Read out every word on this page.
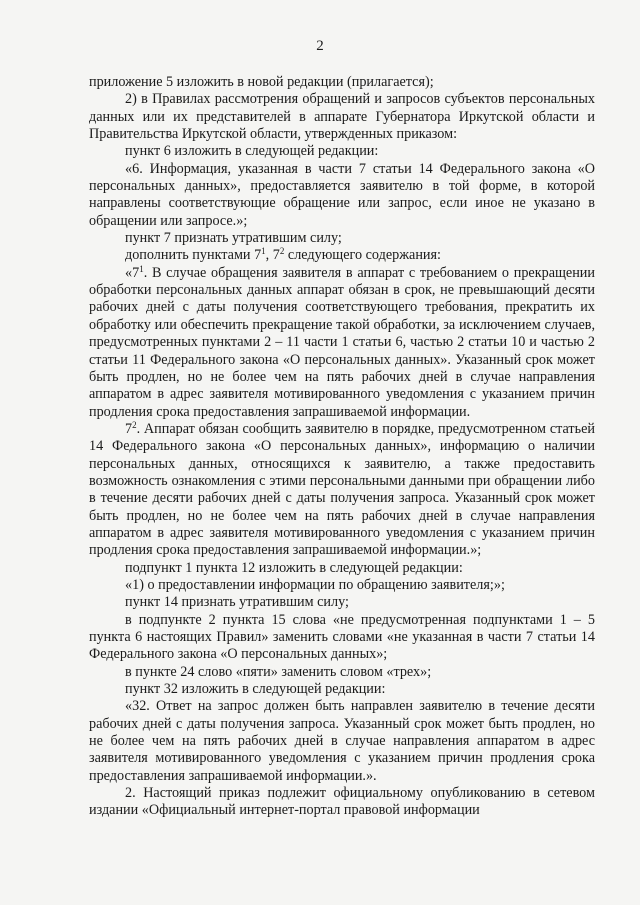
2

приложение 5 изложить в новой редакции (прилагается);

2) в Правилах рассмотрения обращений и запросов субъектов персональных данных или их представителей в аппарате Губернатора Иркутской области и Правительства Иркутской области, утвержденных приказом:

пункт 6 изложить в следующей редакции:

«6. Информация, указанная в части 7 статьи 14 Федерального закона «О персональных данных», предоставляется заявителю в той форме, в которой направлены соответствующие обращение или запрос, если иное не указано в обращении или запросе.»;

пункт 7 признать утратившим силу;

дополнить пунктами $7^1$, $7^2$ следующего содержания:

«$7^1$. В случае обращения заявителя в аппарат с требованием о прекращении обработки персональных данных аппарат обязан в срок, не превышающий десяти рабочих дней с даты получения соответствующего требования, прекратить их обработку или обеспечить прекращение такой обработки, за исключением случаев, предусмотренных пунктами 2 – 11 части 1 статьи 6, частью 2 статьи 10 и частью 2 статьи 11 Федерального закона «О персональных данных». Указанный срок может быть продлен, но не более чем на пять рабочих дней в случае направления аппаратом в адрес заявителя мотивированного уведомления с указанием причин продления срока предоставления запрашиваемой информации.

$7^2$. Аппарат обязан сообщить заявителю в порядке, предусмотренном статьей 14 Федерального закона «О персональных данных», информацию о наличии персональных данных, относящихся к заявителю, а также предоставить возможность ознакомления с этими персональными данными при обращении либо в течение десяти рабочих дней с даты получения запроса. Указанный срок может быть продлен, но не более чем на пять рабочих дней в случае направления аппаратом в адрес заявителя мотивированного уведомления с указанием причин продления срока предоставления запрашиваемой информации.»;

подпункт 1 пункта 12 изложить в следующей редакции:

«1) о предоставлении информации по обращению заявителя;»;

пункт 14 признать утратившим силу;

в подпункте 2 пункта 15 слова «не предусмотренная подпунктами 1 – 5 пункта 6 настоящих Правил» заменить словами «не указанная в части 7 статьи 14 Федерального закона «О персональных данных»;

в пункте 24 слово «пяти» заменить словом «трех»;

пункт 32 изложить в следующей редакции:

«32. Ответ на запрос должен быть направлен заявителю в течение десяти рабочих дней с даты получения запроса. Указанный срок может быть продлен, но не более чем на пять рабочих дней в случае направления аппаратом в адрес заявителя мотивированного уведомления с указанием причин продления срока предоставления запрашиваемой информации.».

2. Настоящий приказ подлежит официальному опубликованию в сетевом издании «Официальный интернет-портал правовой информации
